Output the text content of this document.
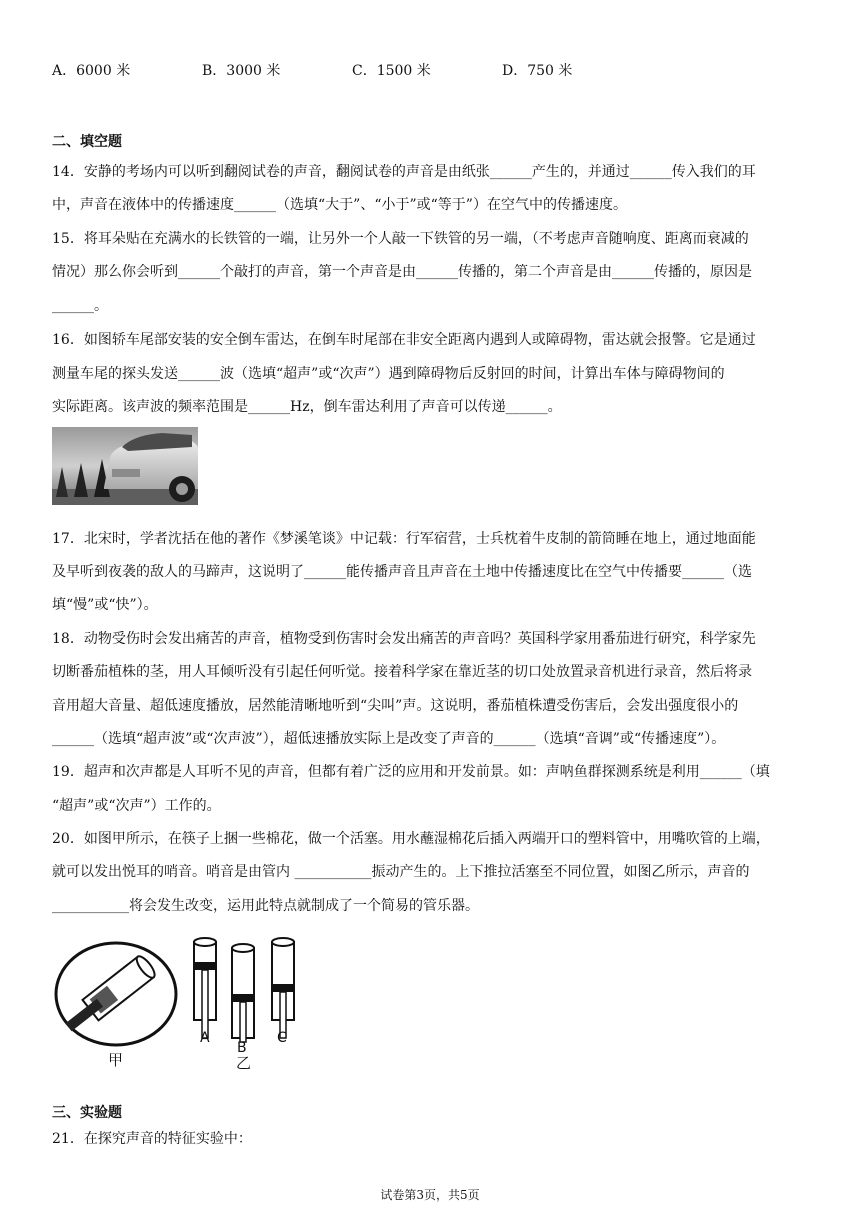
A．6000 米	B．3000 米	C．1500 米	D．750 米
二、填空题
14．安静的考场内可以听到翻阅试卷的声音，翻阅试卷的声音是由纸张______产生的，并通过______传入我们的耳
中，声音在液体中的传播速度______（选填“大于”、“小于”或“等于”）在空气中的传播速度。
15．将耳朵贴在充满水的长铁管的一端，让另外一个人敲一下铁管的另一端，（不考虑声音随响度、距离而衰减的
情况）那么你会听到______个敲打的声音，第一个声音是由______传播的，第二个声音是由______传播的，原因是
______。
16．如图轿车尾部安装的安全倒车雷达，在倒车时尾部在非安全距离内遇到人或障碍物，雷达就会报警。它是通过
测量车尾的探头发送______波（选填“超声”或“次声”）遇到障碍物后反射回的时间，计算出车体与障碍物间的
实际距离。该声波的频率范围是______Hz，倒车雷达利用了声音可以传递______。
17．北宋时，学者沈括在他的著作《梦溪笔谈》中记载：行军宿营，士兵枕着牛皮制的箭筒睡在地上，通过地面能
及早听到夜袭的敌人的马蹄声，这说明了______能传播声音且声音在土地中传播速度比在空气中传播要______（选
填“慢”或“快”）。
18．动物受伤时会发出痛苦的声音，植物受到伤害时会发出痛苦的声音吗？英国科学家用番茄进行研究，科学家先
切断番茄植株的茎，用人耳倾听没有引起任何听觉。接着科学家在靠近茎的切口处放置录音机进行录音，然后将录
音用超大音量、超低速度播放，居然能清晰地听到“尖叫”声。这说明，番茄植株遭受伤害后，会发出强度很小的
______（选填“超声波”或“次声波”），超低速播放实际上是改变了声音的______（选填“音调”或“传播速度”）。
19．超声和次声都是人耳听不见的声音，但都有着广泛的应用和开发前景。如：声呐鱼群探测系统是利用______（填
“超声”或“次声”）工作的。
20．如图甲所示，在筷子上捆一些棉花，做一个活塞。用水蘸湿棉花后插入两端开口的塑料管中，用嘴吹管的上端，
就可以发出悦耳的哨音。哨音是由管内 ___________振动产生的。上下推拉活塞至不同位置，如图乙所示，声音的
___________将会发生改变，运用此特点就制成了一个简易的管乐器。
甲
A
B
C
乙
三、实验题
21．在探究声音的特征实验中：
试卷第3页，共5页
